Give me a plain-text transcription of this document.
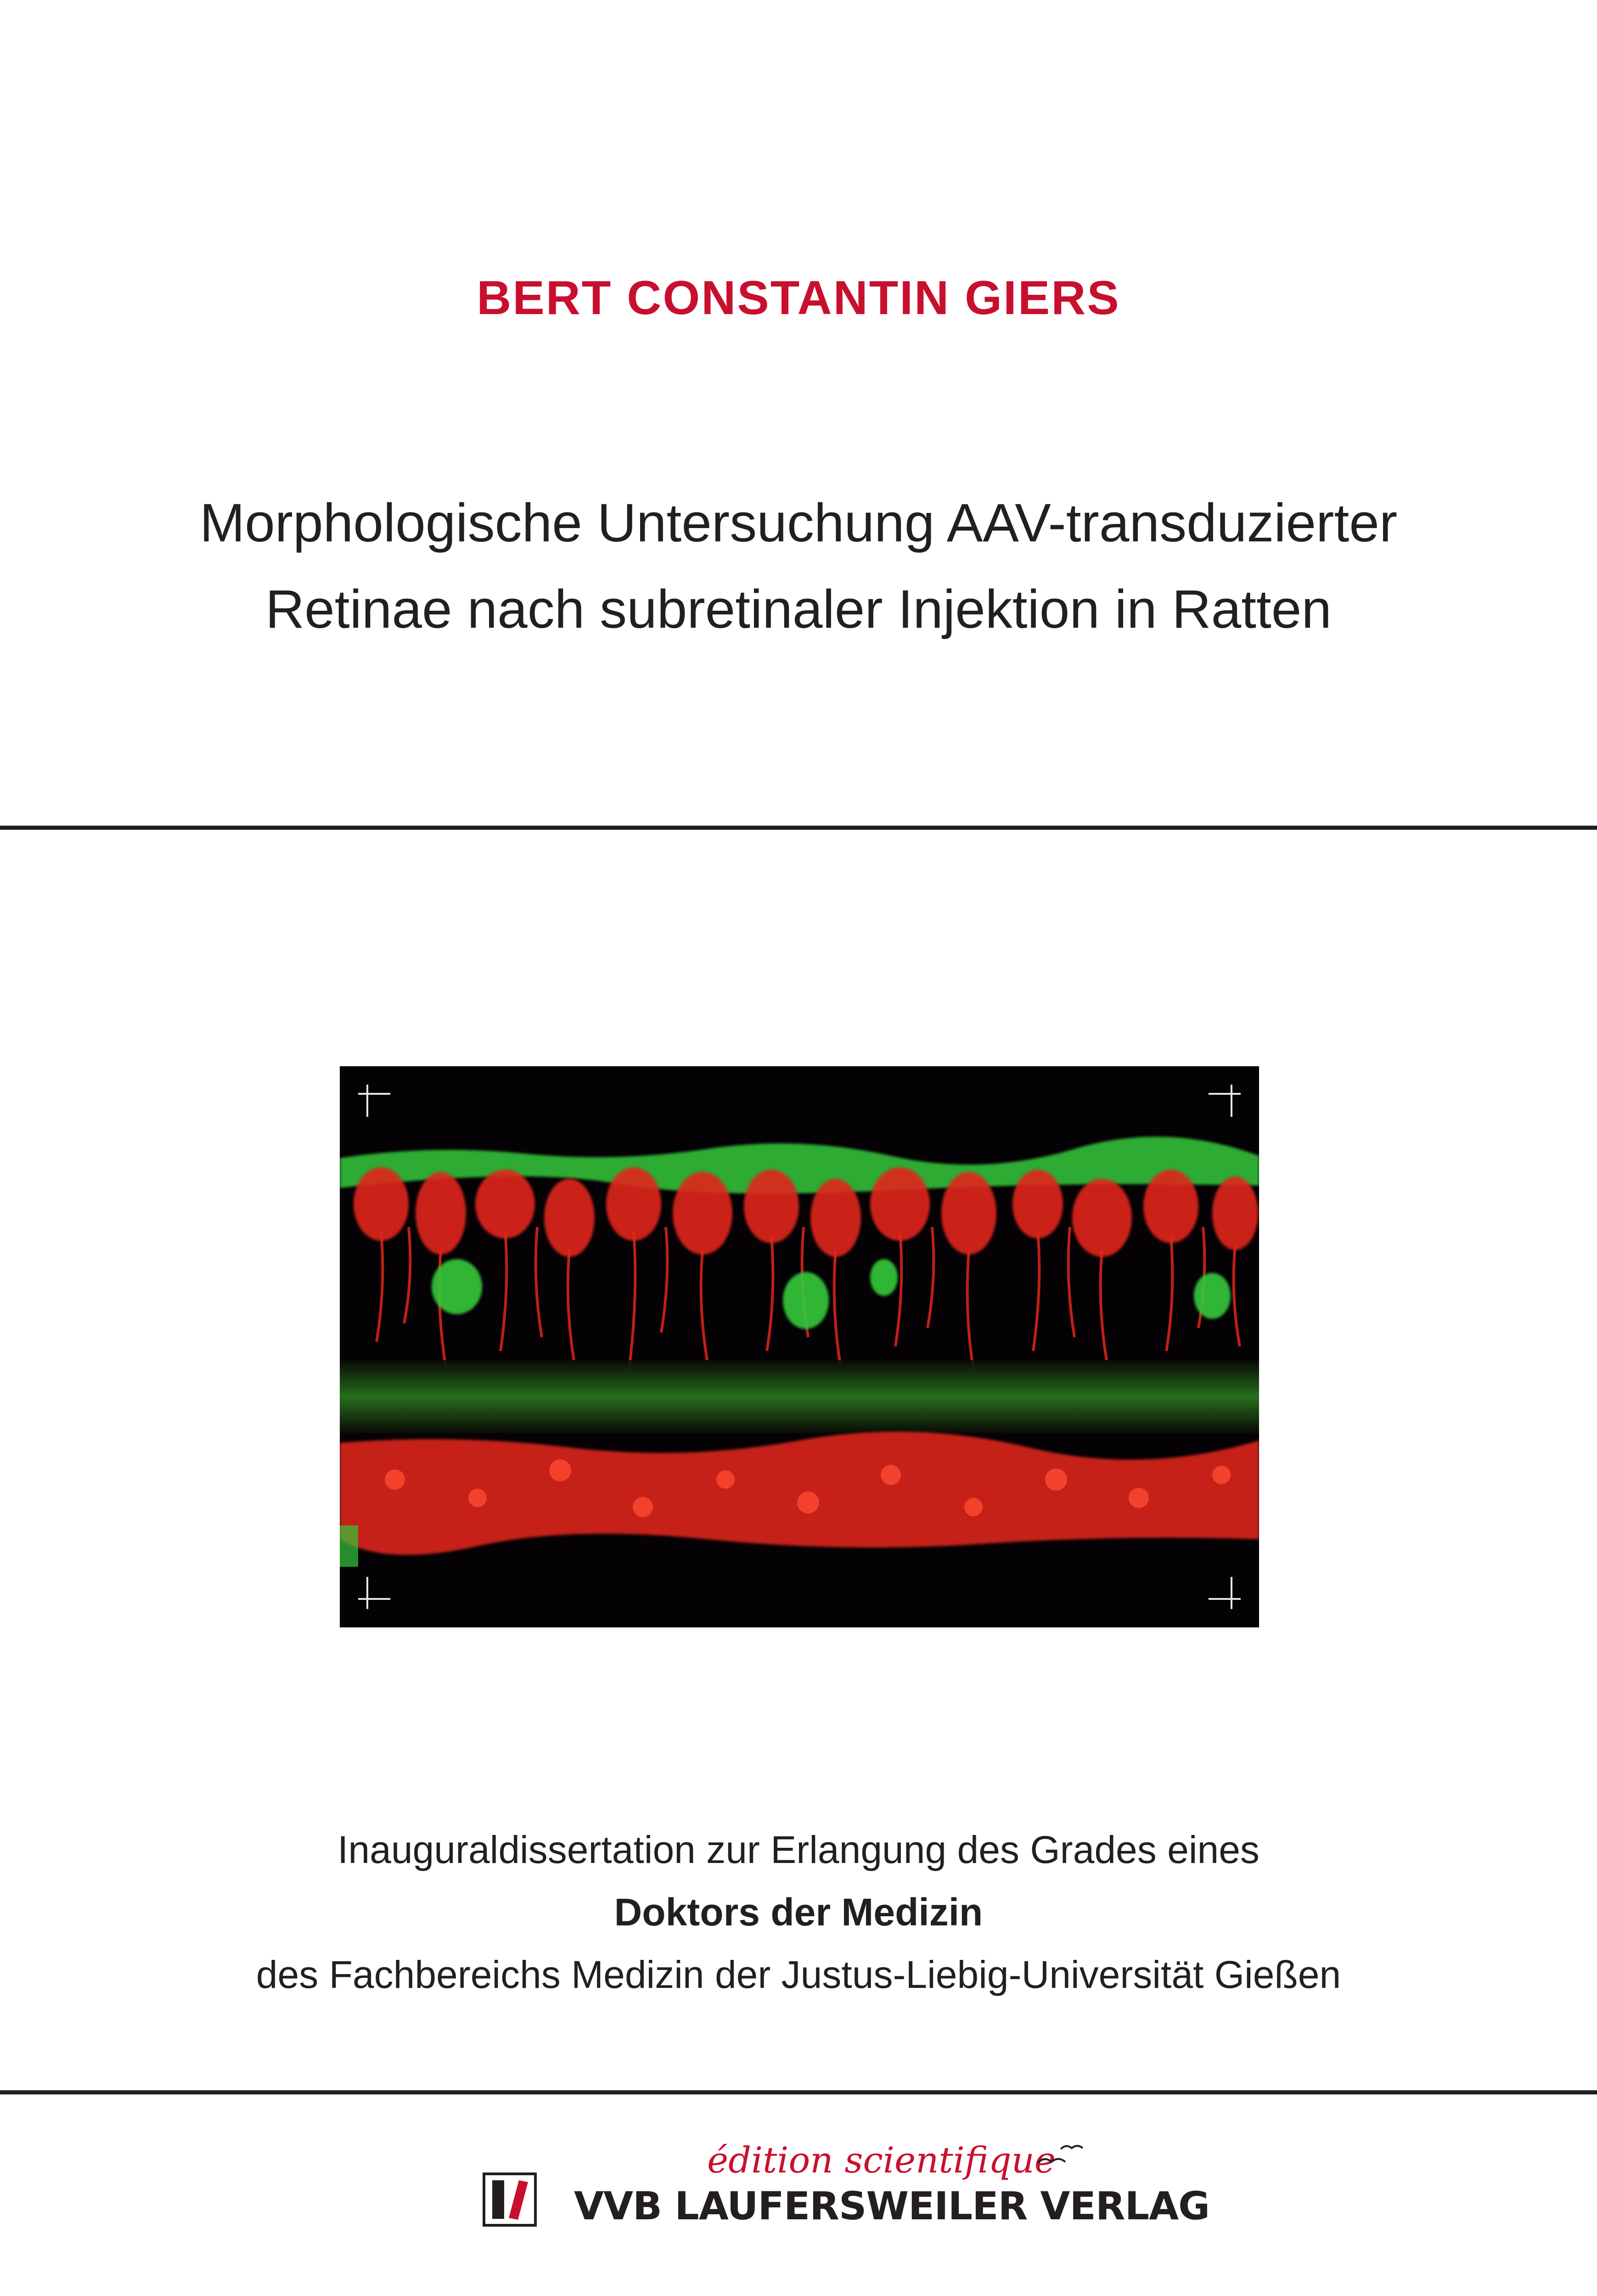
BERT CONSTANTIN GIERS
Morphologische Untersuchung AAV-transduzierter
Retinae nach subretinaler Injektion in Ratten
Inauguraldissertation zur Erlangung des Grades eines
Doktors der Medizin
des Fachbereichs Medizin der Justus-Liebig-Universität Gießen
édition scientifique
VVB LAUFERSWEILER VERLAG
